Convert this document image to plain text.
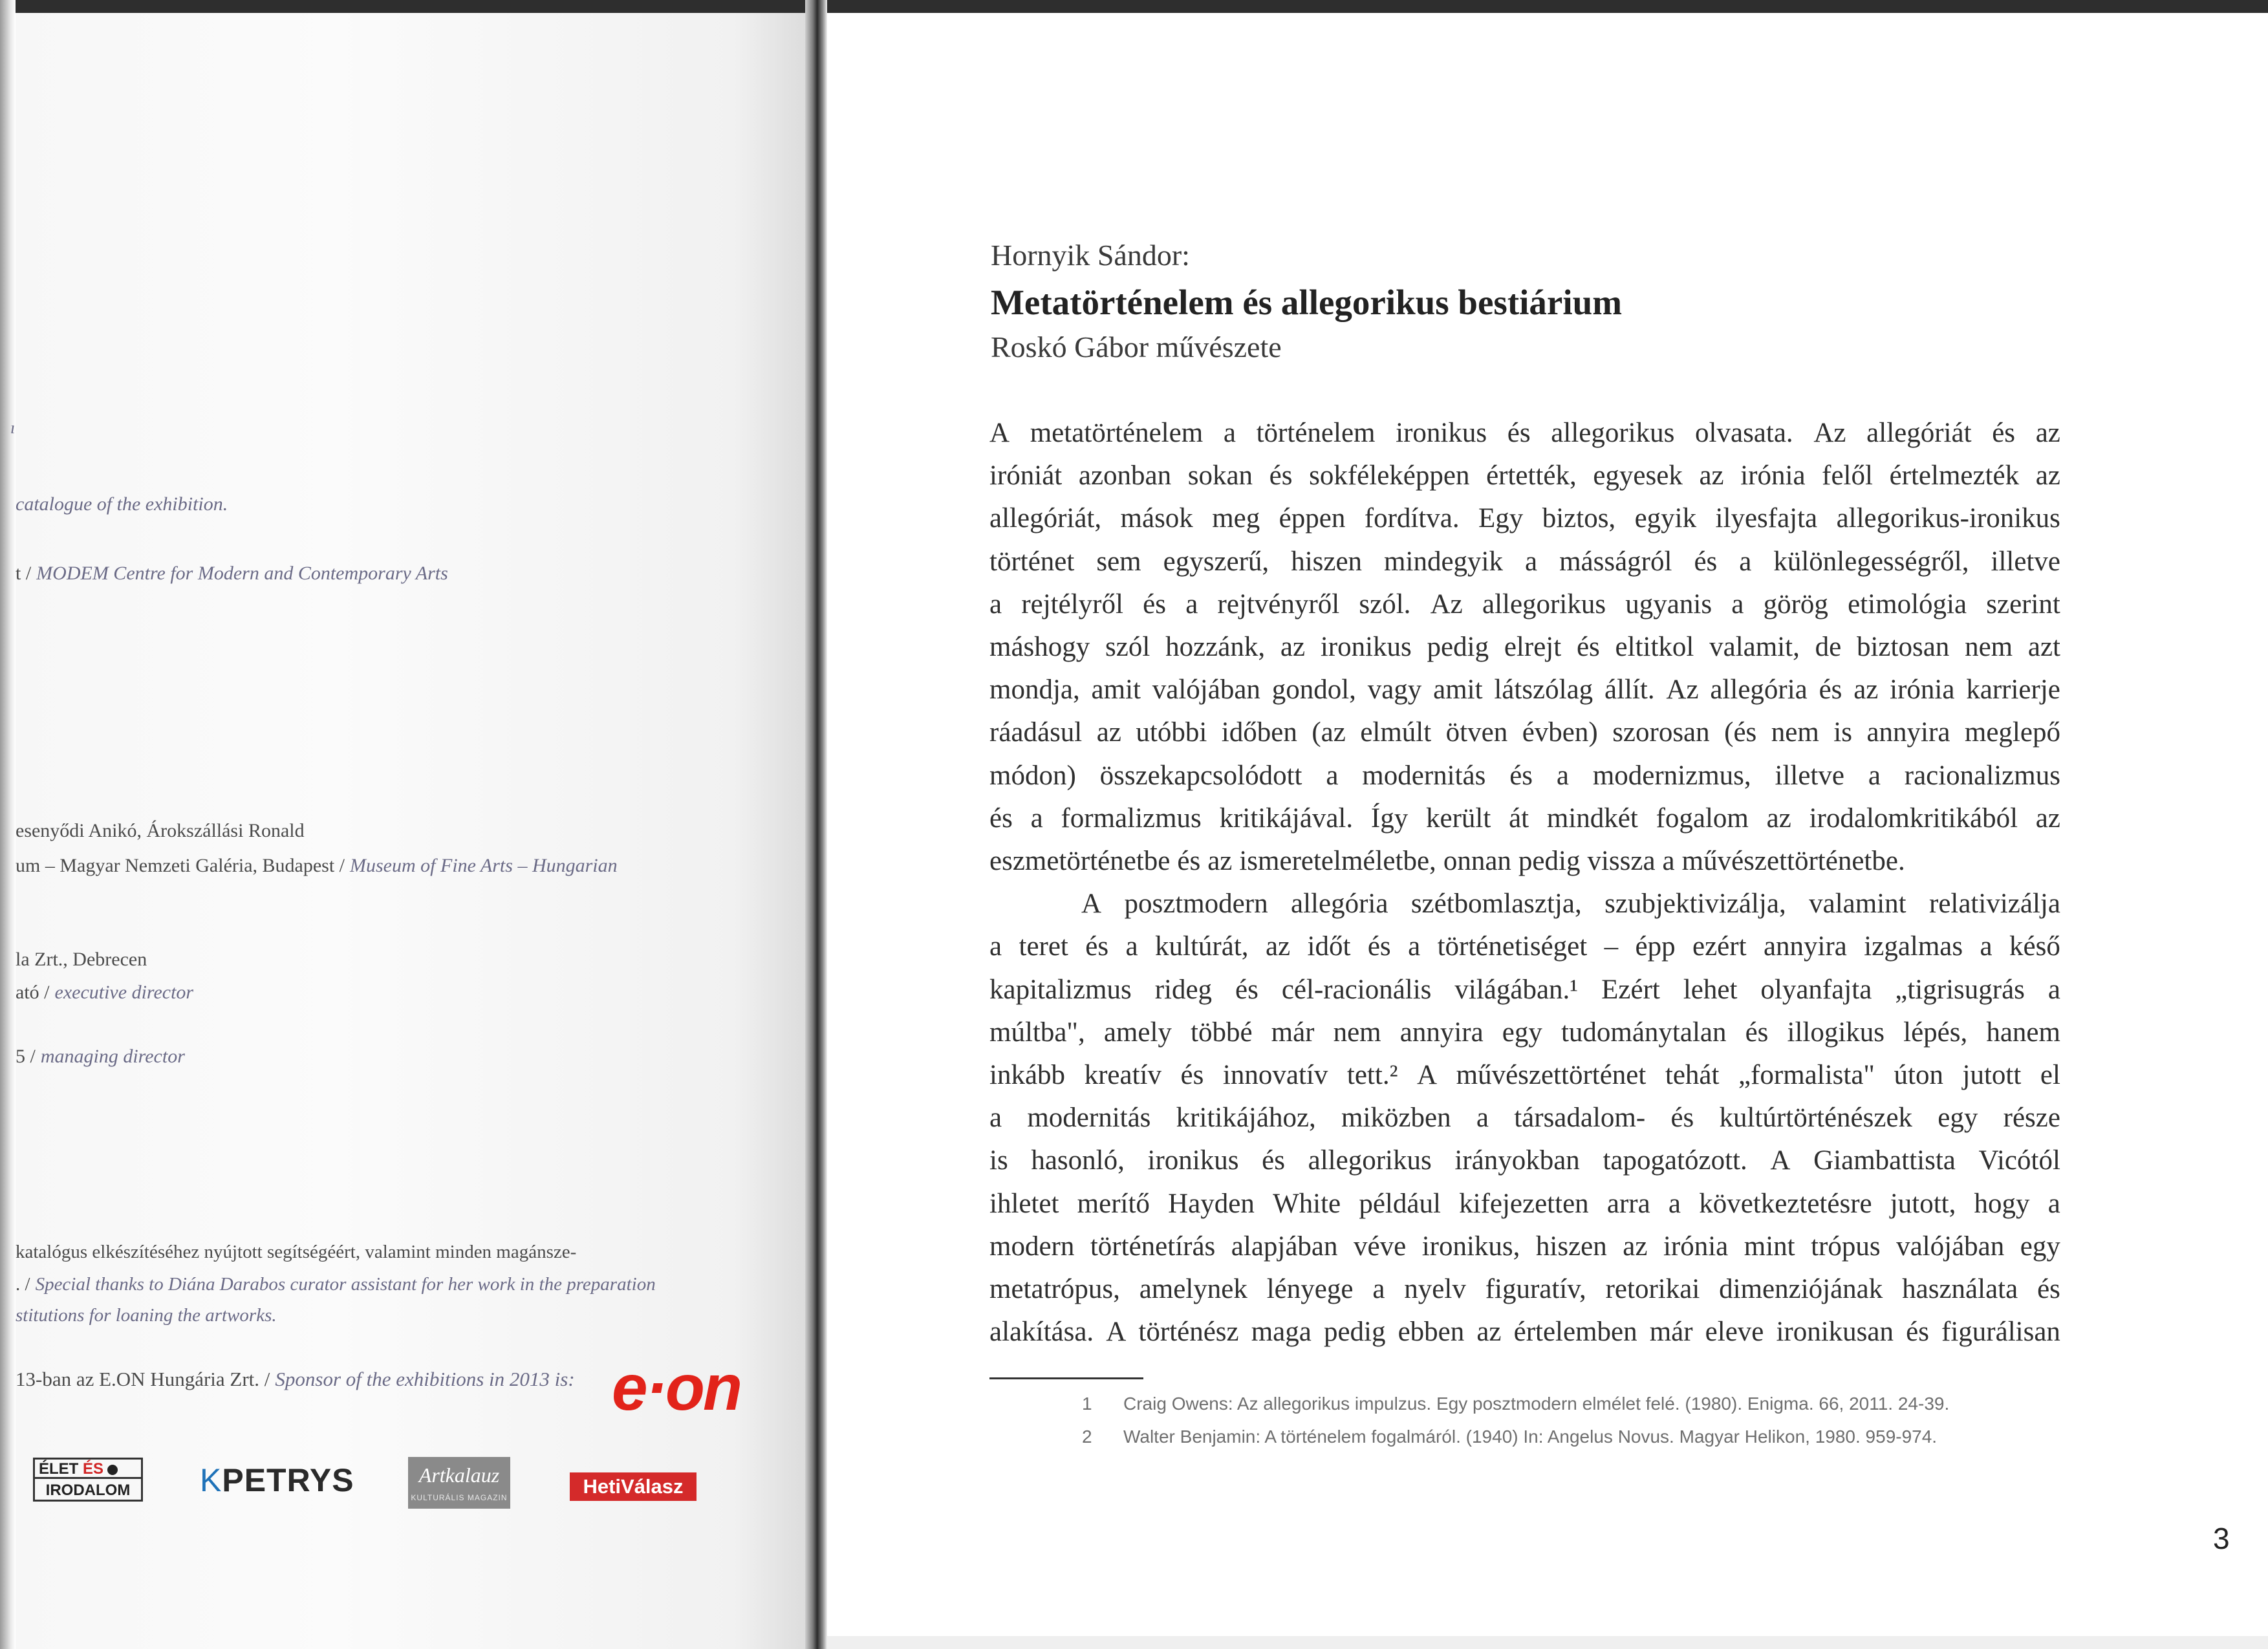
ı
catalogue of the exhibition.
t / MODEM Centre for Modern and Contemporary Arts
esenyődi Anikó, Árokszállási Ronald
um – Magyar Nemzeti Galéria, Budapest / Museum of Fine Arts – Hungarian
la Zrt., Debrecen
ató / executive director
5 / managing director
katalógus elkészítéséhez nyújtott segítségéért, valamint minden magánsze-
. / Special thanks to Diána Darabos curator assistant for her work in the preparation
stitutions for loaning the artworks.
13-ban az E.ON Hungária Zrt. / Sponsor of the exhibitions in 2013 is: e·on
ÉLET ÉS
IRODALOM	KPETRYS	Artkalauz
KULTURÁLIS MAGAZIN	HetiVálasz
Hornyik Sándor:
Metatörténelem és allegorikus bestiárium
Roskó Gábor művészete
A metatörténelem a történelem ironikus és allegorikus olvasata. Az allegóriát és az
iróniát azonban sokan és sokféleképpen értették, egyesek az irónia felől értelmezték az
allegóriát, mások meg éppen fordítva. Egy biztos, egyik ilyesfajta allegorikus-ironikus
történet sem egyszerű, hiszen mindegyik a másságról és a különlegességről, illetve
a rejtélyről és a rejtvényről szól. Az allegorikus ugyanis a görög etimológia szerint
máshogy szól hozzánk, az ironikus pedig elrejt és eltitkol valamit, de biztosan nem azt
mondja, amit valójában gondol, vagy amit látszólag állít. Az allegória és az irónia karrierje
ráadásul az utóbbi időben (az elmúlt ötven évben) szorosan (és nem is annyira meglepő
módon) összekapcsolódott a modernitás és a modernizmus, illetve a racionalizmus
és a formalizmus kritikájával. Így került át mindkét fogalom az irodalomkritikából az
eszmetörténetbe és az ismeretelméletbe, onnan pedig vissza a művészettörténetbe.
A posztmodern allegória szétbomlasztja, szubjektivizálja, valamint relativizálja
a teret és a kultúrát, az időt és a történetiséget – épp ezért annyira izgalmas a késő
kapitalizmus rideg és cél-racionális világában.¹ Ezért lehet olyanfajta „tigrisugrás a
múltba", amely többé már nem annyira egy tudománytalan és illogikus lépés, hanem
inkább kreatív és innovatív tett.² A művészettörténet tehát „formalista" úton jutott el
a modernitás kritikájához, miközben a társadalom- és kultúrtörténészek egy része
is hasonló, ironikus és allegorikus irányokban tapogatózott. A Giambattista Vicótól
ihletet merítő Hayden White például kifejezetten arra a következtetésre jutott, hogy a
modern történetírás alapjában véve ironikus, hiszen az irónia mint trópus valójában egy
metatrópus, amelynek lényege a nyelv figuratív, retorikai dimenziójának használata és
alakítása. A történész maga pedig ebben az értelemben már eleve ironikusan és figurálisan
1 Craig Owens: Az allegorikus impulzus. Egy posztmodern elmélet felé. (1980). Enigma. 66, 2011. 24-39.
2 Walter Benjamin: A történelem fogalmáról. (1940) In: Angelus Novus. Magyar Helikon, 1980. 959-974.
3
